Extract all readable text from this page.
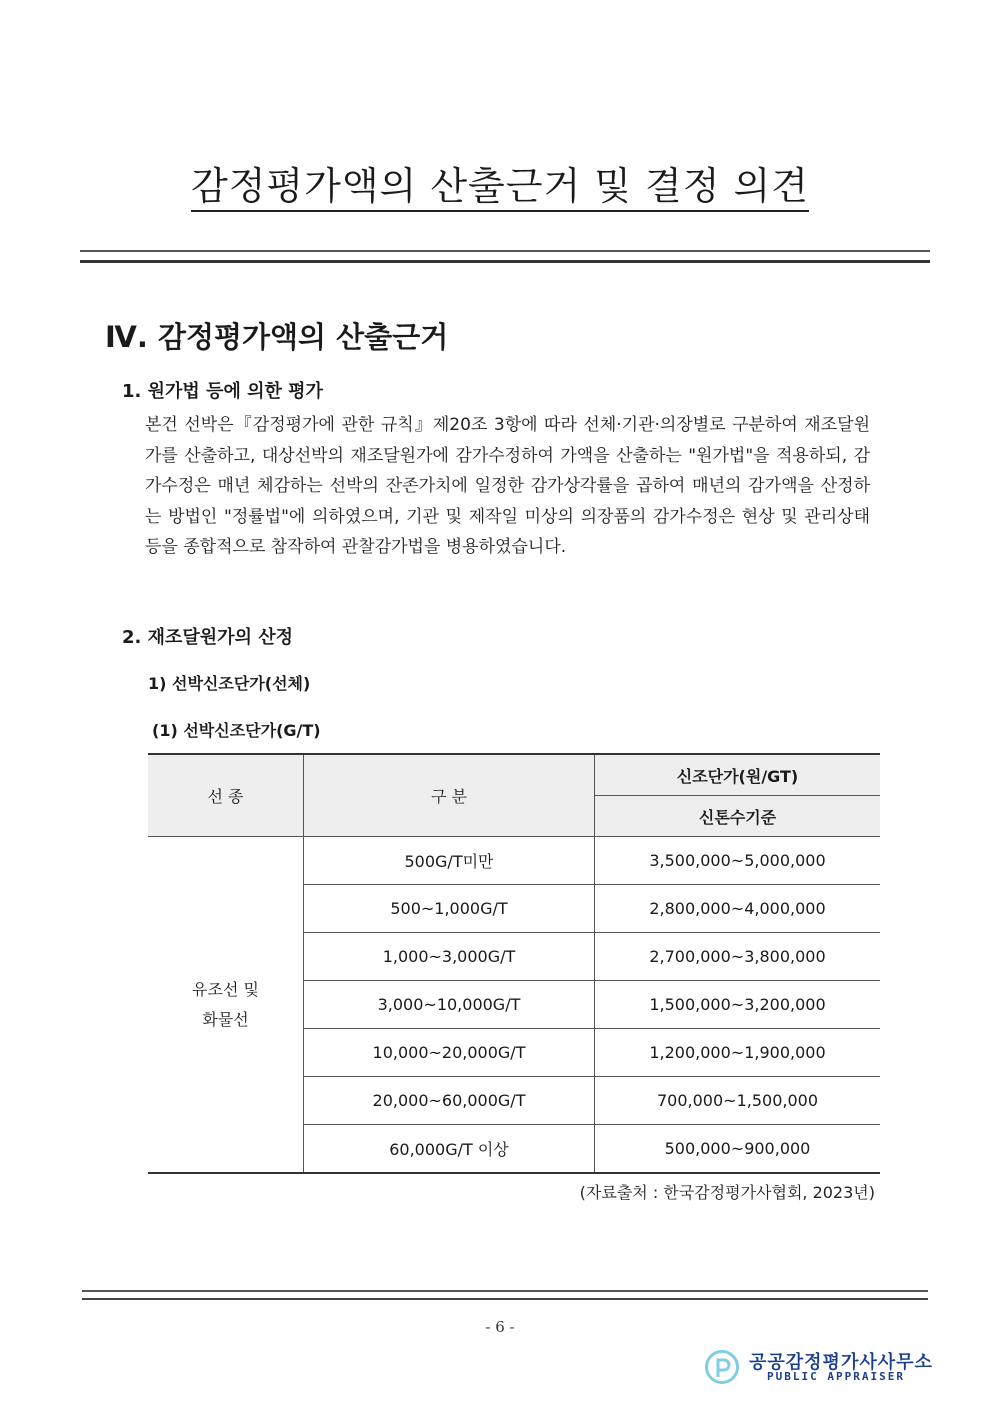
감정평가액의 산출근거 및 결정 의견
Ⅳ. 감정평가액의 산출근거
1. 원가법 등에 의한 평가
본건 선박은『감정평가에 관한 규칙』제20조 3항에 따라 선체·기관·의장별로 구분하여 재조달원가를 산출하고, 대상선박의 재조달원가에 감가수정하여 가액을 산출하는 "원가법"을 적용하되, 감가수정은 매년 체감하는 선박의 잔존가치에 일정한 감가상각률을 곱하여 매년의 감가액을 산정하는 방법인 "정률법"에 의하였으며, 기관 및 제작일 미상의 의장품의 감가수정은 현상 및 관리상태 등을 종합적으로 참작하여 관찰감가법을 병용하였습니다.
2. 재조달원가의 산정
1) 선박신조단가(선체)
(1) 선박신조단가(G/T)
선 종	구 분	신조단가(원/GT)
		신톤수기준

유조선 및 화물선	500G/T미만	3,500,000~5,000,000
	500~1,000G/T	2,800,000~4,000,000
	1,000~3,000G/T	2,700,000~3,800,000
	3,000~10,000G/T	1,500,000~3,200,000
	10,000~20,000G/T	1,200,000~1,900,000
	20,000~60,000G/T	700,000~1,500,000
	60,000G/T 이상	500,000~900,000
(자료출처 : 한국감정평가사협회, 2023년)
- 6 -
공공감정평가사사무소
PUBLIC APPRAISER
